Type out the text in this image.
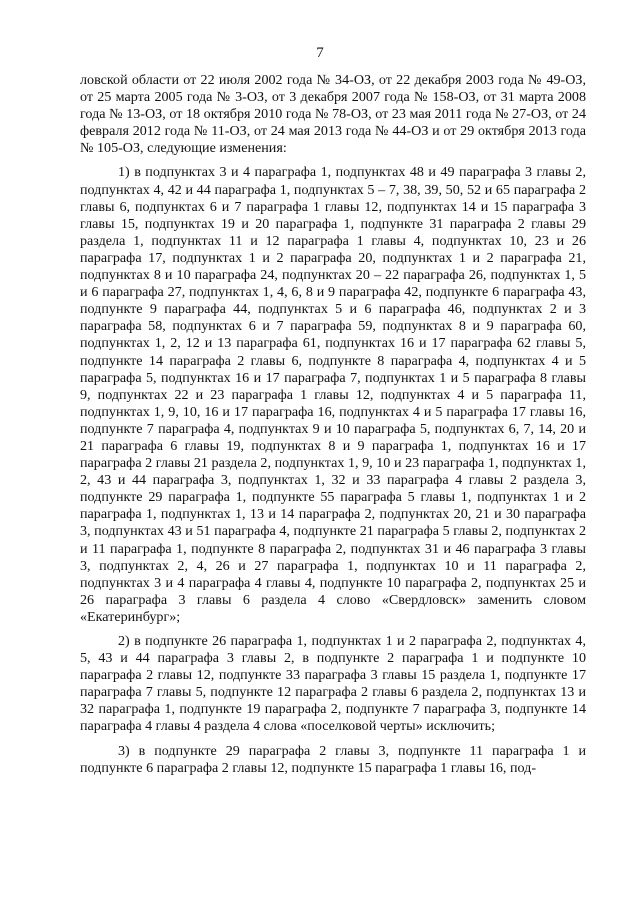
7

ловской области от 22 июля 2002 года № 34-ОЗ, от 22 декабря 2003 года № 49-ОЗ, от 25 марта 2005 года № 3-ОЗ, от 3 декабря 2007 года № 158-ОЗ, от 31 марта 2008 года № 13-ОЗ, от 18 октября 2010 года № 78-ОЗ, от 23 мая 2011 года № 27-ОЗ, от 24 февраля 2012 года № 11-ОЗ, от 24 мая 2013 года № 44-ОЗ и от 29 октября 2013 года № 105-ОЗ, следующие изменения:

1) в подпунктах 3 и 4 параграфа 1, подпунктах 48 и 49 параграфа 3 главы 2, подпунктах 4, 42 и 44 параграфа 1, подпунктах 5 – 7, 38, 39, 50, 52 и 65 параграфа 2 главы 6, подпунктах 6 и 7 параграфа 1 главы 12, подпунктах 14 и 15 параграфа 3 главы 15, подпунктах 19 и 20 параграфа 1, подпункте 31 параграфа 2 главы 29 раздела 1, подпунктах 11 и 12 параграфа 1 главы 4, подпунктах 10, 23 и 26 параграфа 17, подпунктах 1 и 2 параграфа 20, подпунктах 1 и 2 параграфа 21, подпунктах 8 и 10 параграфа 24, подпунктах 20 – 22 параграфа 26, подпунктах 1, 5 и 6 параграфа 27, подпунктах 1, 4, 6, 8 и 9 параграфа 42, подпункте 6 параграфа 43, подпункте 9 параграфа 44, подпунктах 5 и 6 параграфа 46, подпунктах 2 и 3 параграфа 58, подпунктах 6 и 7 параграфа 59, подпунктах 8 и 9 параграфа 60, подпунктах 1, 2, 12 и 13 параграфа 61, подпунктах 16 и 17 параграфа 62 главы 5, подпункте 14 параграфа 2 главы 6, подпункте 8 параграфа 4, подпунктах 4 и 5 параграфа 5, подпунктах 16 и 17 параграфа 7, подпунктах 1 и 5 параграфа 8 главы 9, подпунктах 22 и 23 параграфа 1 главы 12, подпунктах 4 и 5 параграфа 11, подпунктах 1, 9, 10, 16 и 17 параграфа 16, подпунктах 4 и 5 параграфа 17 главы 16, подпункте 7 параграфа 4, подпунктах 9 и 10 параграфа 5, подпунктах 6, 7, 14, 20 и 21 параграфа 6 главы 19, подпунктах 8 и 9 параграфа 1, подпунктах 16 и 17 параграфа 2 главы 21 раздела 2, подпунктах 1, 9, 10 и 23 параграфа 1, подпунктах 1, 2, 43 и 44 параграфа 3, подпунктах 1, 32 и 33 параграфа 4 главы 2 раздела 3, подпункте 29 параграфа 1, подпункте 55 параграфа 5 главы 1, подпунктах 1 и 2 параграфа 1, подпунктах 1, 13 и 14 параграфа 2, подпунктах 20, 21 и 30 параграфа 3, подпунктах 43 и 51 параграфа 4, подпункте 21 параграфа 5 главы 2, подпунктах 2 и 11 параграфа 1, подпункте 8 параграфа 2, подпунктах 31 и 46 параграфа 3 главы 3, подпунктах 2, 4, 26 и 27 параграфа 1, подпунктах 10 и 11 параграфа 2, подпунктах 3 и 4 параграфа 4 главы 4, подпункте 10 параграфа 2, подпунктах 25 и 26 параграфа 3 главы 6 раздела 4 слово «Свердловск» заменить словом «Екатеринбург»;

2) в подпункте 26 параграфа 1, подпунктах 1 и 2 параграфа 2, подпунктах 4, 5, 43 и 44 параграфа 3 главы 2, в подпункте 2 параграфа 1 и подпункте 10 параграфа 2 главы 12, подпункте 33 параграфа 3 главы 15 раздела 1, подпункте 17 параграфа 7 главы 5, подпункте 12 параграфа 2 главы 6 раздела 2, подпунктах 13 и 32 параграфа 1, подпункте 19 параграфа 2, подпункте 7 параграфа 3, подпункте 14 параграфа 4 главы 4 раздела 4 слова «поселковой черты» исключить;

3) в подпункте 29 параграфа 2 главы 3, подпункте 11 параграфа 1 и подпункте 6 параграфа 2 главы 12, подпункте 15 параграфа 1 главы 16, под-
